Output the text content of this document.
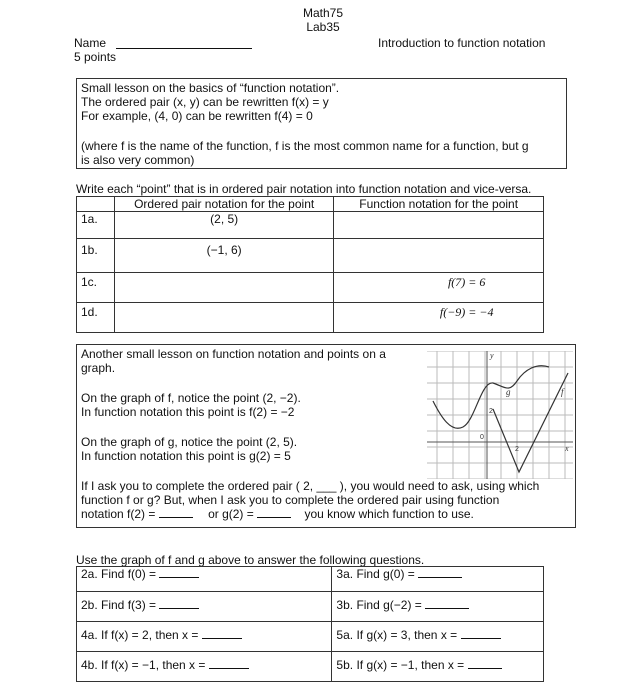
Math75
Lab35
Name
5 points
Introduction to function notation
Small lesson on the basics of “function notation”.
The ordered pair (x, y) can be rewritten f(x) = y
For example, (4, 0) can be rewritten f(4) = 0
(where f is the name of the function, f is the most common name for a function, but g
is also very common)
Write each “point” that is in ordered pair notation into function notation and vice-versa.
	Ordered pair notation for the point	Function notation for the point
1a.	(2, 5)	
1b.	(−1, 6)	
1c.		f(7) = 6
1d.		f(−9) = −4
Another small lesson on function notation and points on a
graph.
On the graph of f, notice the point (2, −2).
In function notation this point is f(2) = −2
On the graph of g, notice the point (2, 5).
In function notation this point is g(2) = 5
If I ask you to complete the ordered pair ( 2, ___ ), you would need to ask, using which
function f or g? But, when I ask you to complete the ordered pair using function
notation f(2) =	or g(2) =	you know which function to use.
y
x
0
2
2
f
g
Use the graph of f and g above to answer the following questions.
2a. Find f(0) =	3a. Find g(0) =
2b. Find f(3) =	3b. Find g(−2) =
4a. If f(x) = 2, then x =	5a. If g(x) = 3, then x =
4b. If f(x) = −1, then x =	5b. If g(x) = −1, then x =
